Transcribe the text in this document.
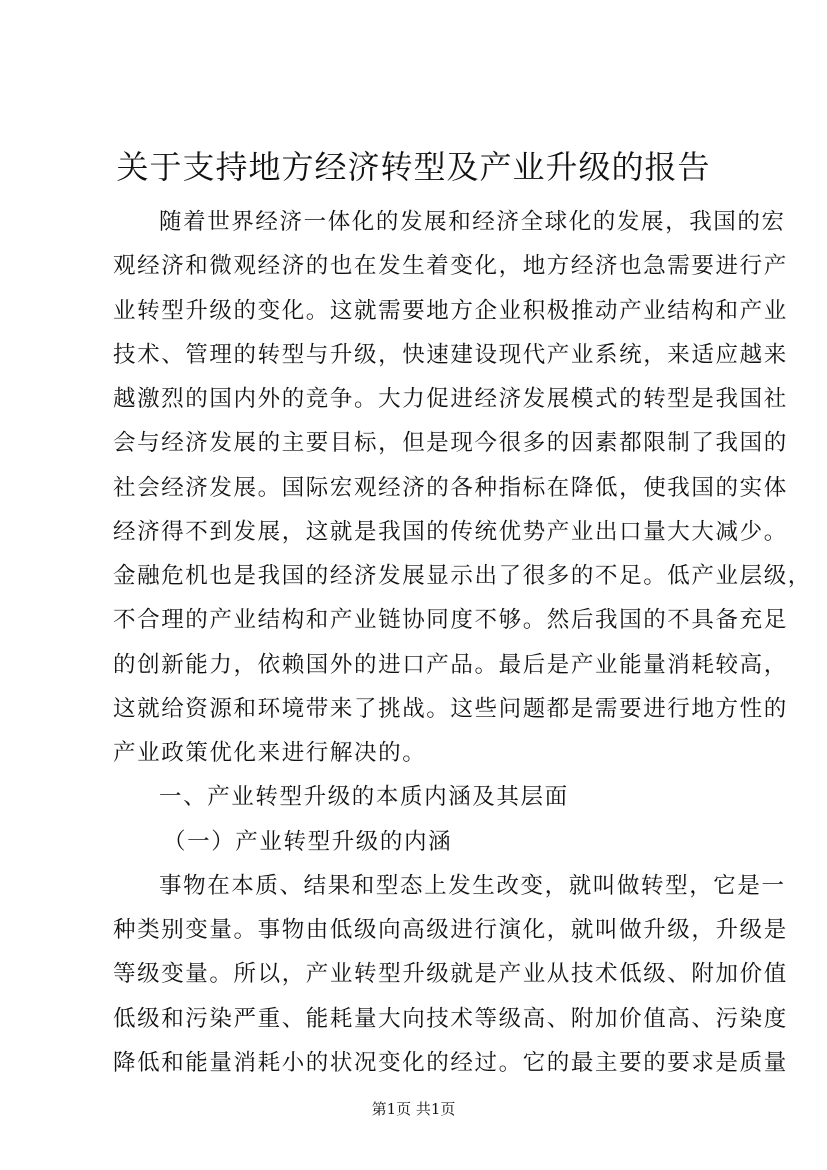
关于支持地方经济转型及产业升级的报告
随着世界经济一体化的发展和经济全球化的发展，我国的宏
观经济和微观经济的也在发生着变化，地方经济也急需要进行产
业转型升级的变化。这就需要地方企业积极推动产业结构和产业
技术、管理的转型与升级，快速建设现代产业系统，来适应越来
越激烈的国内外的竞争。大力促进经济发展模式的转型是我国社
会与经济发展的主要目标，但是现今很多的因素都限制了我国的
社会经济发展。国际宏观经济的各种指标在降低，使我国的实体
经济得不到发展，这就是我国的传统优势产业出口量大大减少。
金融危机也是我国的经济发展显示出了很多的不足。低产业层级，
不合理的产业结构和产业链协同度不够。然后我国的不具备充足
的创新能力，依赖国外的进口产品。最后是产业能量消耗较高，
这就给资源和环境带来了挑战。这些问题都是需要进行地方性的
产业政策优化来进行解决的。
一、产业转型升级的本质内涵及其层面
（一）产业转型升级的内涵
事物在本质、结果和型态上发生改变，就叫做转型，它是一
种类别变量。事物由低级向高级进行演化，就叫做升级，升级是
等级变量。所以，产业转型升级就是产业从技术低级、附加价值
低级和污染严重、能耗量大向技术等级高、附加价值高、污染度
降低和能量消耗小的状况变化的经过。它的最主要的要求是质量
第1页 共1页
